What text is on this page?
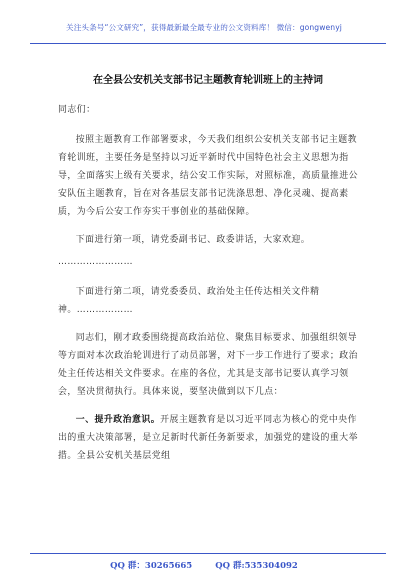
关注头条号“公文研究”，获得最新最全最专业的公文资料库！ 微信：gongwenyj
在全县公安机关支部书记主题教育轮训班上的主持词

同志们：

按照主题教育工作部署要求，今天我们组织公安机关支部书记主题教育轮训班，主要任务是坚持以习近平新时代中国特色社会主义思想为指导，全面落实上级有关要求，结公安工作实际，对照标准，高质量推进公安队伍主题教育，旨在对各基层支部书记洗涤思想、净化灵魂、提高素质，为今后公安工作夯实干事创业的基础保障。

下面进行第一项，请党委副书记、政委讲话，大家欢迎。

……………………

下面进行第二项，请党委委员、政治处主任传达相关文件精神。………………

同志们，刚才政委围绕提高政治站位、聚焦目标要求、加强组织领导等方面对本次政治轮训进行了动员部署，对下一步工作进行了要求；政治处主任传达相关文件要求。在座的各位，尤其是支部书记要认真学习领会，坚决贯彻执行。具体来说，要坚决做到以下几点：

一、提升政治意识。开展主题教育是以习近平同志为核心的党中央作出的重大决策部署，是立足新时代新任务新要求，加强党的建设的重大举措。全县公安机关基层党组

QQ 群：30265665	QQ 群:535304092
